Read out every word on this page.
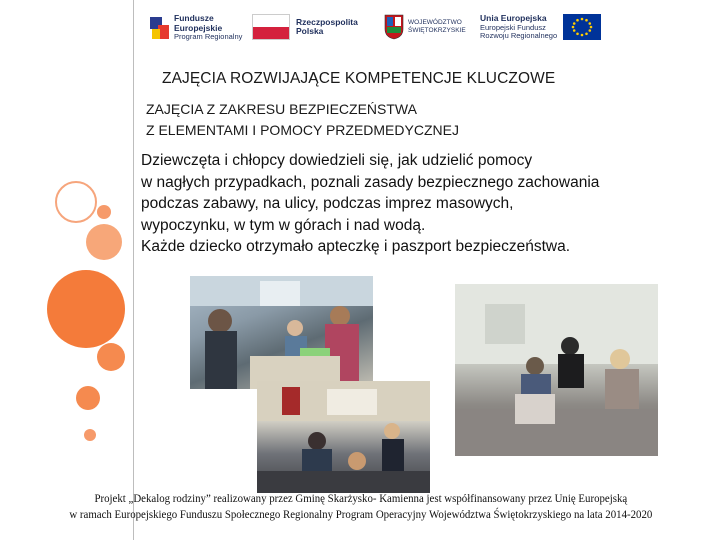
Fundusze
Europejskie
Program Regionalny
Rzeczpospolita
Polska
WOJEWÓDZTWO
ŚWIĘTOKRZYSKIE
Unia Europejska
Europejski Fundusz
Rozwoju Regionalnego
ZAJĘCIA ROZWIJAJĄCE KOMPETENCJE KLUCZOWE
ZAJĘCIA Z ZAKRESU BEZPIECZEŃSTWA
Z ELEMENTAMI I POMOCY PRZEDMEDYCZNEJ
Dziewczęta i chłopcy dowiedzieli się, jak udzielić pomocy
w nagłych przypadkach, poznali zasady bezpiecznego zachowania
podczas zabawy, na ulicy, podczas imprez masowych,
wypoczynku, w tym w górach i nad wodą.
Każde dziecko otrzymało apteczkę i paszport bezpieczeństwa.
Projekt „Dekalog rodziny” realizowany przez Gminę Skarżysko- Kamienna jest współfinansowany przez Unię Europejską
w ramach Europejskiego Funduszu Społecznego Regionalny Program Operacyjny Województwa Świętokrzyskiego na lata 2014-2020
